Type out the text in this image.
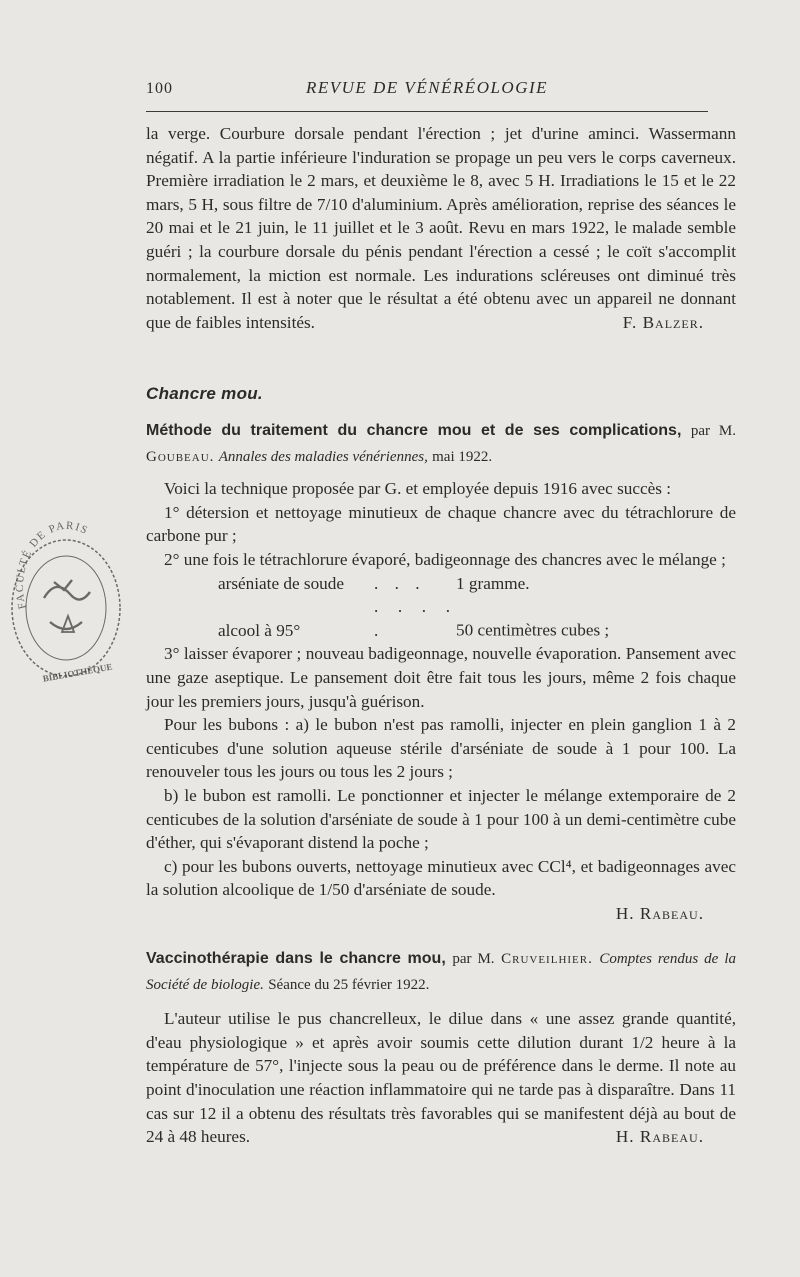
100	REVUE DE VÉNÉRÉOLOGIE

la verge. Courbure dorsale pendant l'érection ; jet d'urine aminci. Wassermann négatif. A la partie inférieure l'induration se propage un peu vers le corps caverneux. Première irradiation le 2 mars, et deuxième le 8, avec 5 H. Irradiations le 15 et le 22 mars, 5 H, sous filtre de 7/10 d'aluminium. Après amélioration, reprise des séances le 20 mai et le 21 juin, le 11 juillet et le 3 août. Revu en mars 1922, le malade semble guéri ; la courbure dorsale du pénis pendant l'érection a cessé ; le coït s'accomplit normalement, la miction est normale. Les indurations scléreuses ont diminué très notablement. Il est à noter que le résultat a été obtenu avec un appareil ne donnant que de faibles intensités.	F. Balzer.

Chancre mou.

Méthode du traitement du chancre mou et de ses complications, par M. Goubeau. Annales des maladies vénériennes, mai 1922.

Voici la technique proposée par G. et employée depuis 1916 avec succès :

1° détersion et nettoyage minutieux de chaque chancre avec du tétrachlorure de carbone pur ;

2° une fois le tétrachlorure évaporé, badigeonnage des chancres avec le mélange ;

arséniate de soude . . . 1 gramme.
alcool à 95°. . . . .	50 centimètres cubes ;

3° laisser évaporer ; nouveau badigeonnage, nouvelle évaporation. Pansement avec une gaze aseptique. Le pansement doit être fait tous les jours, même 2 fois chaque jour les premiers jours, jusqu'à guérison.

Pour les bubons : a) le bubon n'est pas ramolli, injecter en plein ganglion 1 à 2 centicubes d'une solution aqueuse stérile d'arséniate de soude à 1 pour 100. La renouveler tous les jours ou tous les 2 jours ;

b) le bubon est ramolli. Le ponctionner et injecter le mélange extemporaire de 2 centicubes de la solution d'arséniate de soude à 1 pour 100 à un demi-centimètre cube d'éther, qui s'évaporant distend la poche ;

c) pour les bubons ouverts, nettoyage minutieux avec CCl⁴, et badigeonnages avec la solution alcoolique de 1/50 d'arséniate de soude.

H. Rabeau.

Vaccinothérapie dans le chancre mou, par M. Cruveilhier. Comptes rendus de la Société de biologie. Séance du 25 février 1922.

L'auteur utilise le pus chancrelleux, le dilue dans « une assez grande quantité, d'eau physiologique » et après avoir soumis cette dilution durant 1/2 heure à la température de 57°, l'injecte sous la peau ou de préférence dans le derme. Il note au point d'inoculation une réaction inflammatoire qui ne tarde pas à disparaître. Dans 11 cas sur 12 il a obtenu des résultats très favorables qui se manifestent déjà au bout de 24 à 48 heures.	H. Rabeau.

FACULTÉ DE PARIS
BIBLIOTHÈQUE
